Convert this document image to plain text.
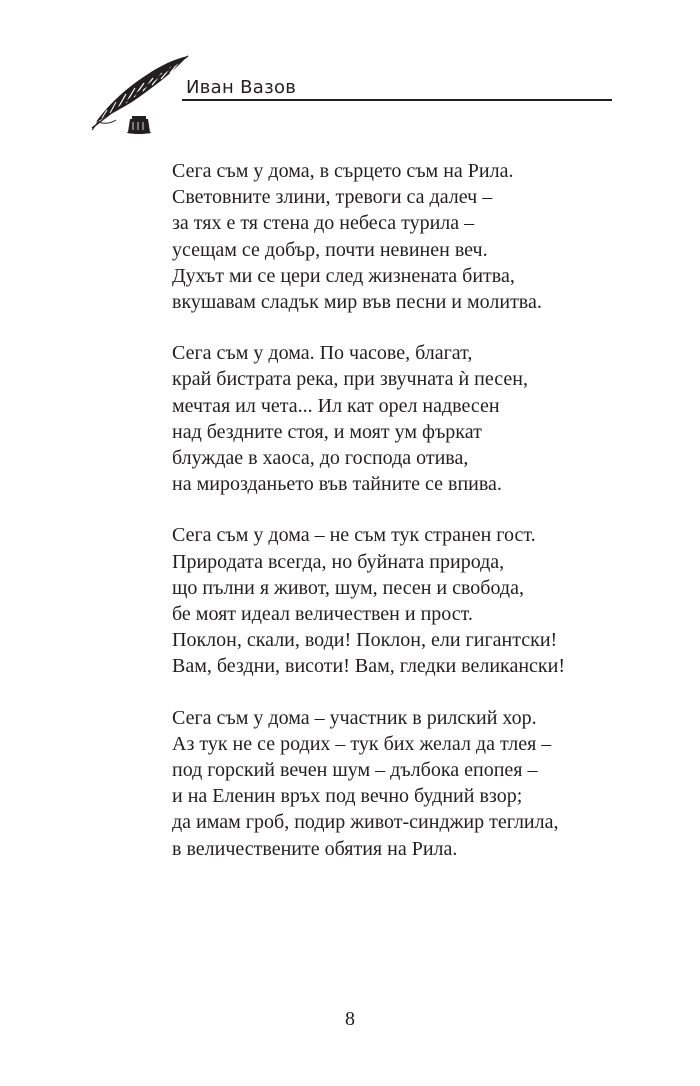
Иван Вазов
Сега съм у дома, в сърцето съм на Рила.
Световните злини, тревоги са далеч –
за тях е тя стена до небеса турила –
усещам се добър, почти невинен веч.
Духът ми се цери след жизнената битва,
вкушавам сладък мир във песни и молитва.
Сега съм у дома. По часове, благат,
край бистрата река, при звучната ѝ песен,
мечтая ил чета... Ил кат орел надвесен
над бездните стоя, и моят ум фъркат
блуждае в хаоса, до господа отива,
на мирозданьето във тайните се впива.
Сега съм у дома – не съм тук странен гост.
Природата всегда, но буйната природа,
що пълни я живот, шум, песен и свобода,
бе моят идеал величествен и прост.
Поклон, скали, води! Поклон, ели гигантски!
Вам, бездни, висоти! Вам, гледки великански!
Сега съм у дома – участник в рилский хор.
Аз тук не се родих – тук бих желал да тлея –
под горский вечен шум – дълбока епопея –
и на Еленин връх под вечно будний взор;
да имам гроб, подир живот-синджир теглила,
в величествените обятия на Рила.
8
